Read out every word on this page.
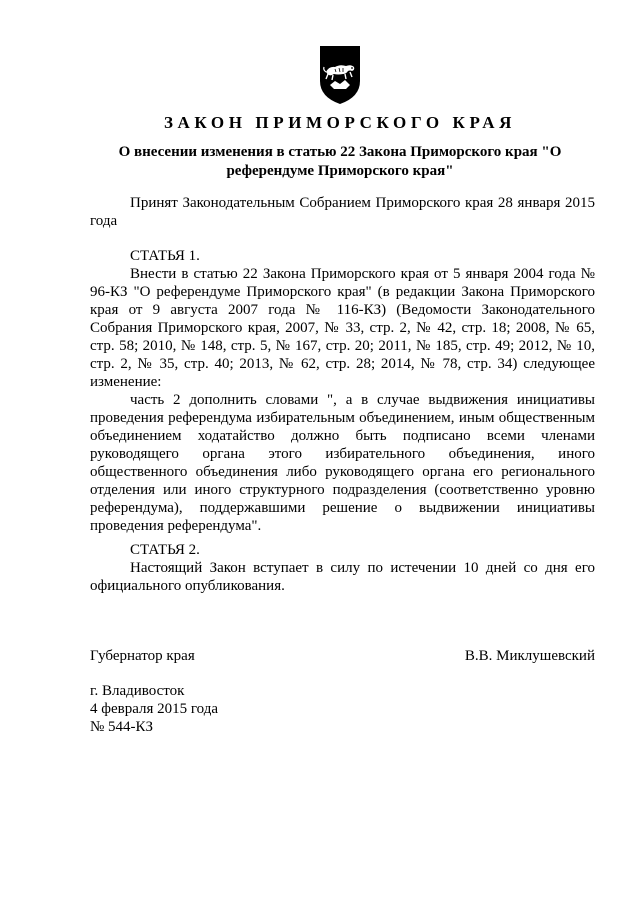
ЗАКОН ПРИМОРСКОГО КРАЯ
О внесении изменения в статью 22 Закона Приморского края "О референдуме Приморского края"
Принят Законодательным Собранием Приморского края 28 января 2015 года
СТАТЬЯ 1.
Внести в статью 22 Закона Приморского края от 5 января 2004 года № 96-КЗ "О референдуме Приморского края" (в редакции Закона Приморского края от 9 августа 2007 года № 116-КЗ) (Ведомости Законодательного Собрания Приморского края, 2007, № 33, стр. 2, № 42, стр. 18; 2008, № 65, стр. 58; 2010, № 148, стр. 5, № 167, стр. 20; 2011, № 185, стр. 49; 2012, № 10, стр. 2, № 35, стр. 40; 2013, № 62, стр. 28; 2014, № 78, стр. 34) следующее изменение:
часть 2 дополнить словами ", а в случае выдвижения инициативы проведения референдума избирательным объединением, иным общественным объединением ходатайство должно быть подписано всеми членами руководящего органа этого избирательного объединения, иного общественного объединения либо руководящего органа его регионального отделения или иного структурного подразделения (соответственно уровню референдума), поддержавшими решение о выдвижении инициативы проведения референдума".
СТАТЬЯ 2.
Настоящий Закон вступает в силу по истечении 10 дней со дня его официального опубликования.
Губернатор края	В.В. Миклушевский
г. Владивосток
4 февраля 2015 года
№ 544-КЗ
